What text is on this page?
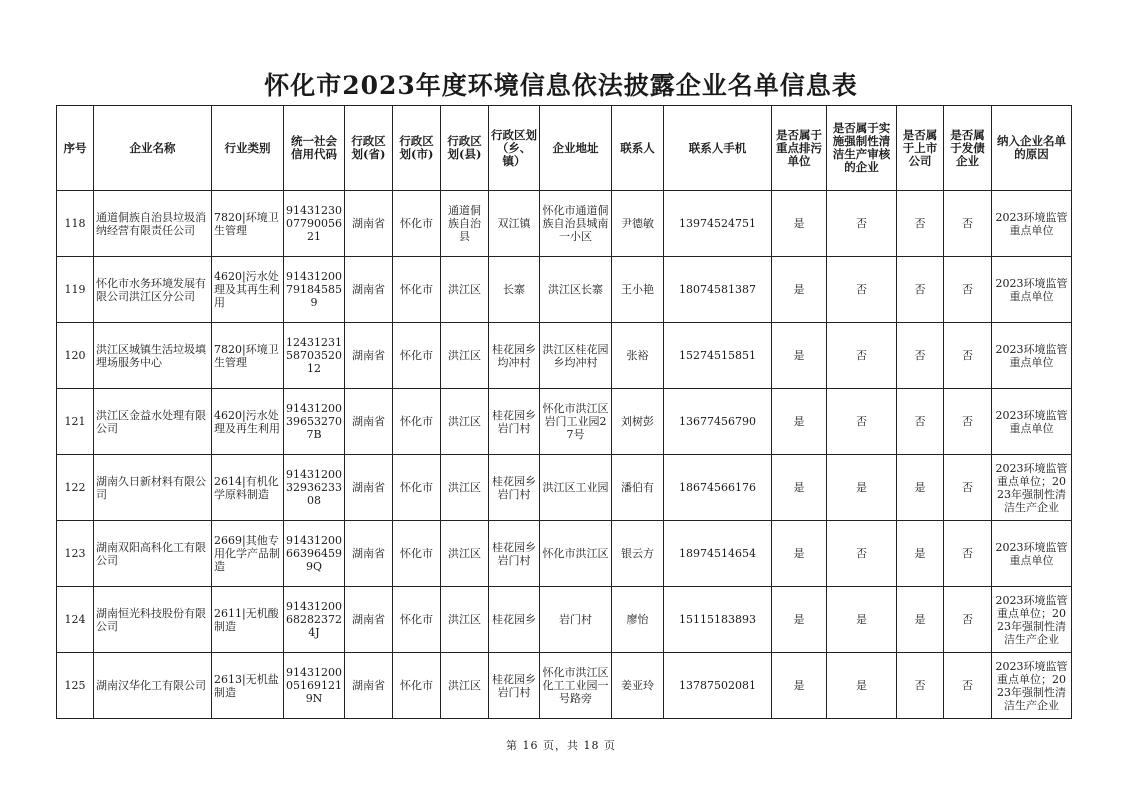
怀化市2023年度环境信息依法披露企业名单信息表
序号	企业名称	行业类别	统一社会信用代码	行政区划(省)	行政区划(市)	行政区划(县)	行政区划（乡、镇）	企业地址	联系人	联系人手机	是否属于重点排污单位	是否属于实施强制性清洁生产审核的企业	是否属于上市公司	是否属于发债企业	纳入企业名单的原因
118	通道侗族自治县垃圾消纳经营有限责任公司	7820|环境卫生管理	914312300779005621	湖南省	怀化市	通道侗族自治县	双江镇	怀化市通道侗族自治县城南一小区	尹德敏	13974524751	是	否	否	否	2023环境监管重点单位
119	怀化市水务环境发展有限公司洪江区分公司	4620|污水处理及其再生利用	91431200791845859	湖南省	怀化市	洪江区	长寨	洪江区长寨	王小艳	18074581387	是	否	否	否	2023环境监管重点单位
120	洪江区城镇生活垃圾填埋场服务中心	7820|环境卫生管理	12431231587035201​2	湖南省	怀化市	洪江区	桂花园乡均冲村	洪江区桂花园乡均冲村	张裕	15274515851	是	否	否	否	2023环境监管重点单位
121	洪江区金益水处理有限公司	4620|污水处理及再生利用	914312003965327​07B	湖南省	怀化市	洪江区	桂花园乡岩门村	怀化市洪江区岩门工业园27号	刘树彭	13677456790	是	否	否	否	2023环境监管重点单位
122	湖南久日新材料有限公司	2614|有机化学原料制造	914312003293623308	湖南省	怀化市	洪江区	桂花园乡岩门村	洪江区工业园	潘伯有	18674566176	是	是	是	否	2023环境监管重点单位；2023年强制性清洁生产企业
123	湖南双阳高科化工有限公司	2669|其他专用化学产品制造	914312006639645​99Q	湖南省	怀化市	洪江区	桂花园乡岩门村	怀化市洪江区	银云方	18974514654	是	否	是	否	2023环境监管重点单位
124	湖南恒光科技股份有限公司	2611|无机酸制造	914312006828237​24J	湖南省	怀化市	洪江区	桂花园乡	岩门村	廖怡	15115183893	是	是	是	否	2023环境监管重点单位；2023年强制性清洁生产企业
125	湖南汉华化工有限公司	2613|无机盐制造	914312000516912​19N	湖南省	怀化市	洪江区	桂花园乡岩门村	怀化市洪江区化工工业园一号路旁	姜亚玲	13787502081	是	是	否	否	2023环境监管重点单位；2023年强制性清洁生产企业
第 16 页，共 18 页
